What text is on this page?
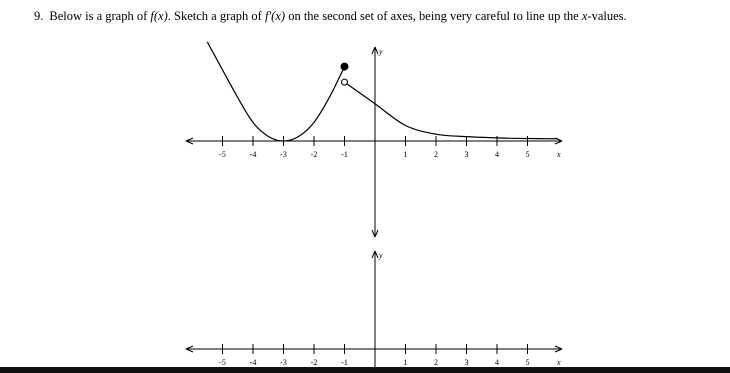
9. Below is a graph of f(x). Sketch a graph of f′(x) on the second set of axes, being very careful to line up the x-values.
y
x
-5	-4	-3	-2	-1	1	2	3	4	5
y
x
-5	-4	-3	-2	-1	1	2	3	4	5
